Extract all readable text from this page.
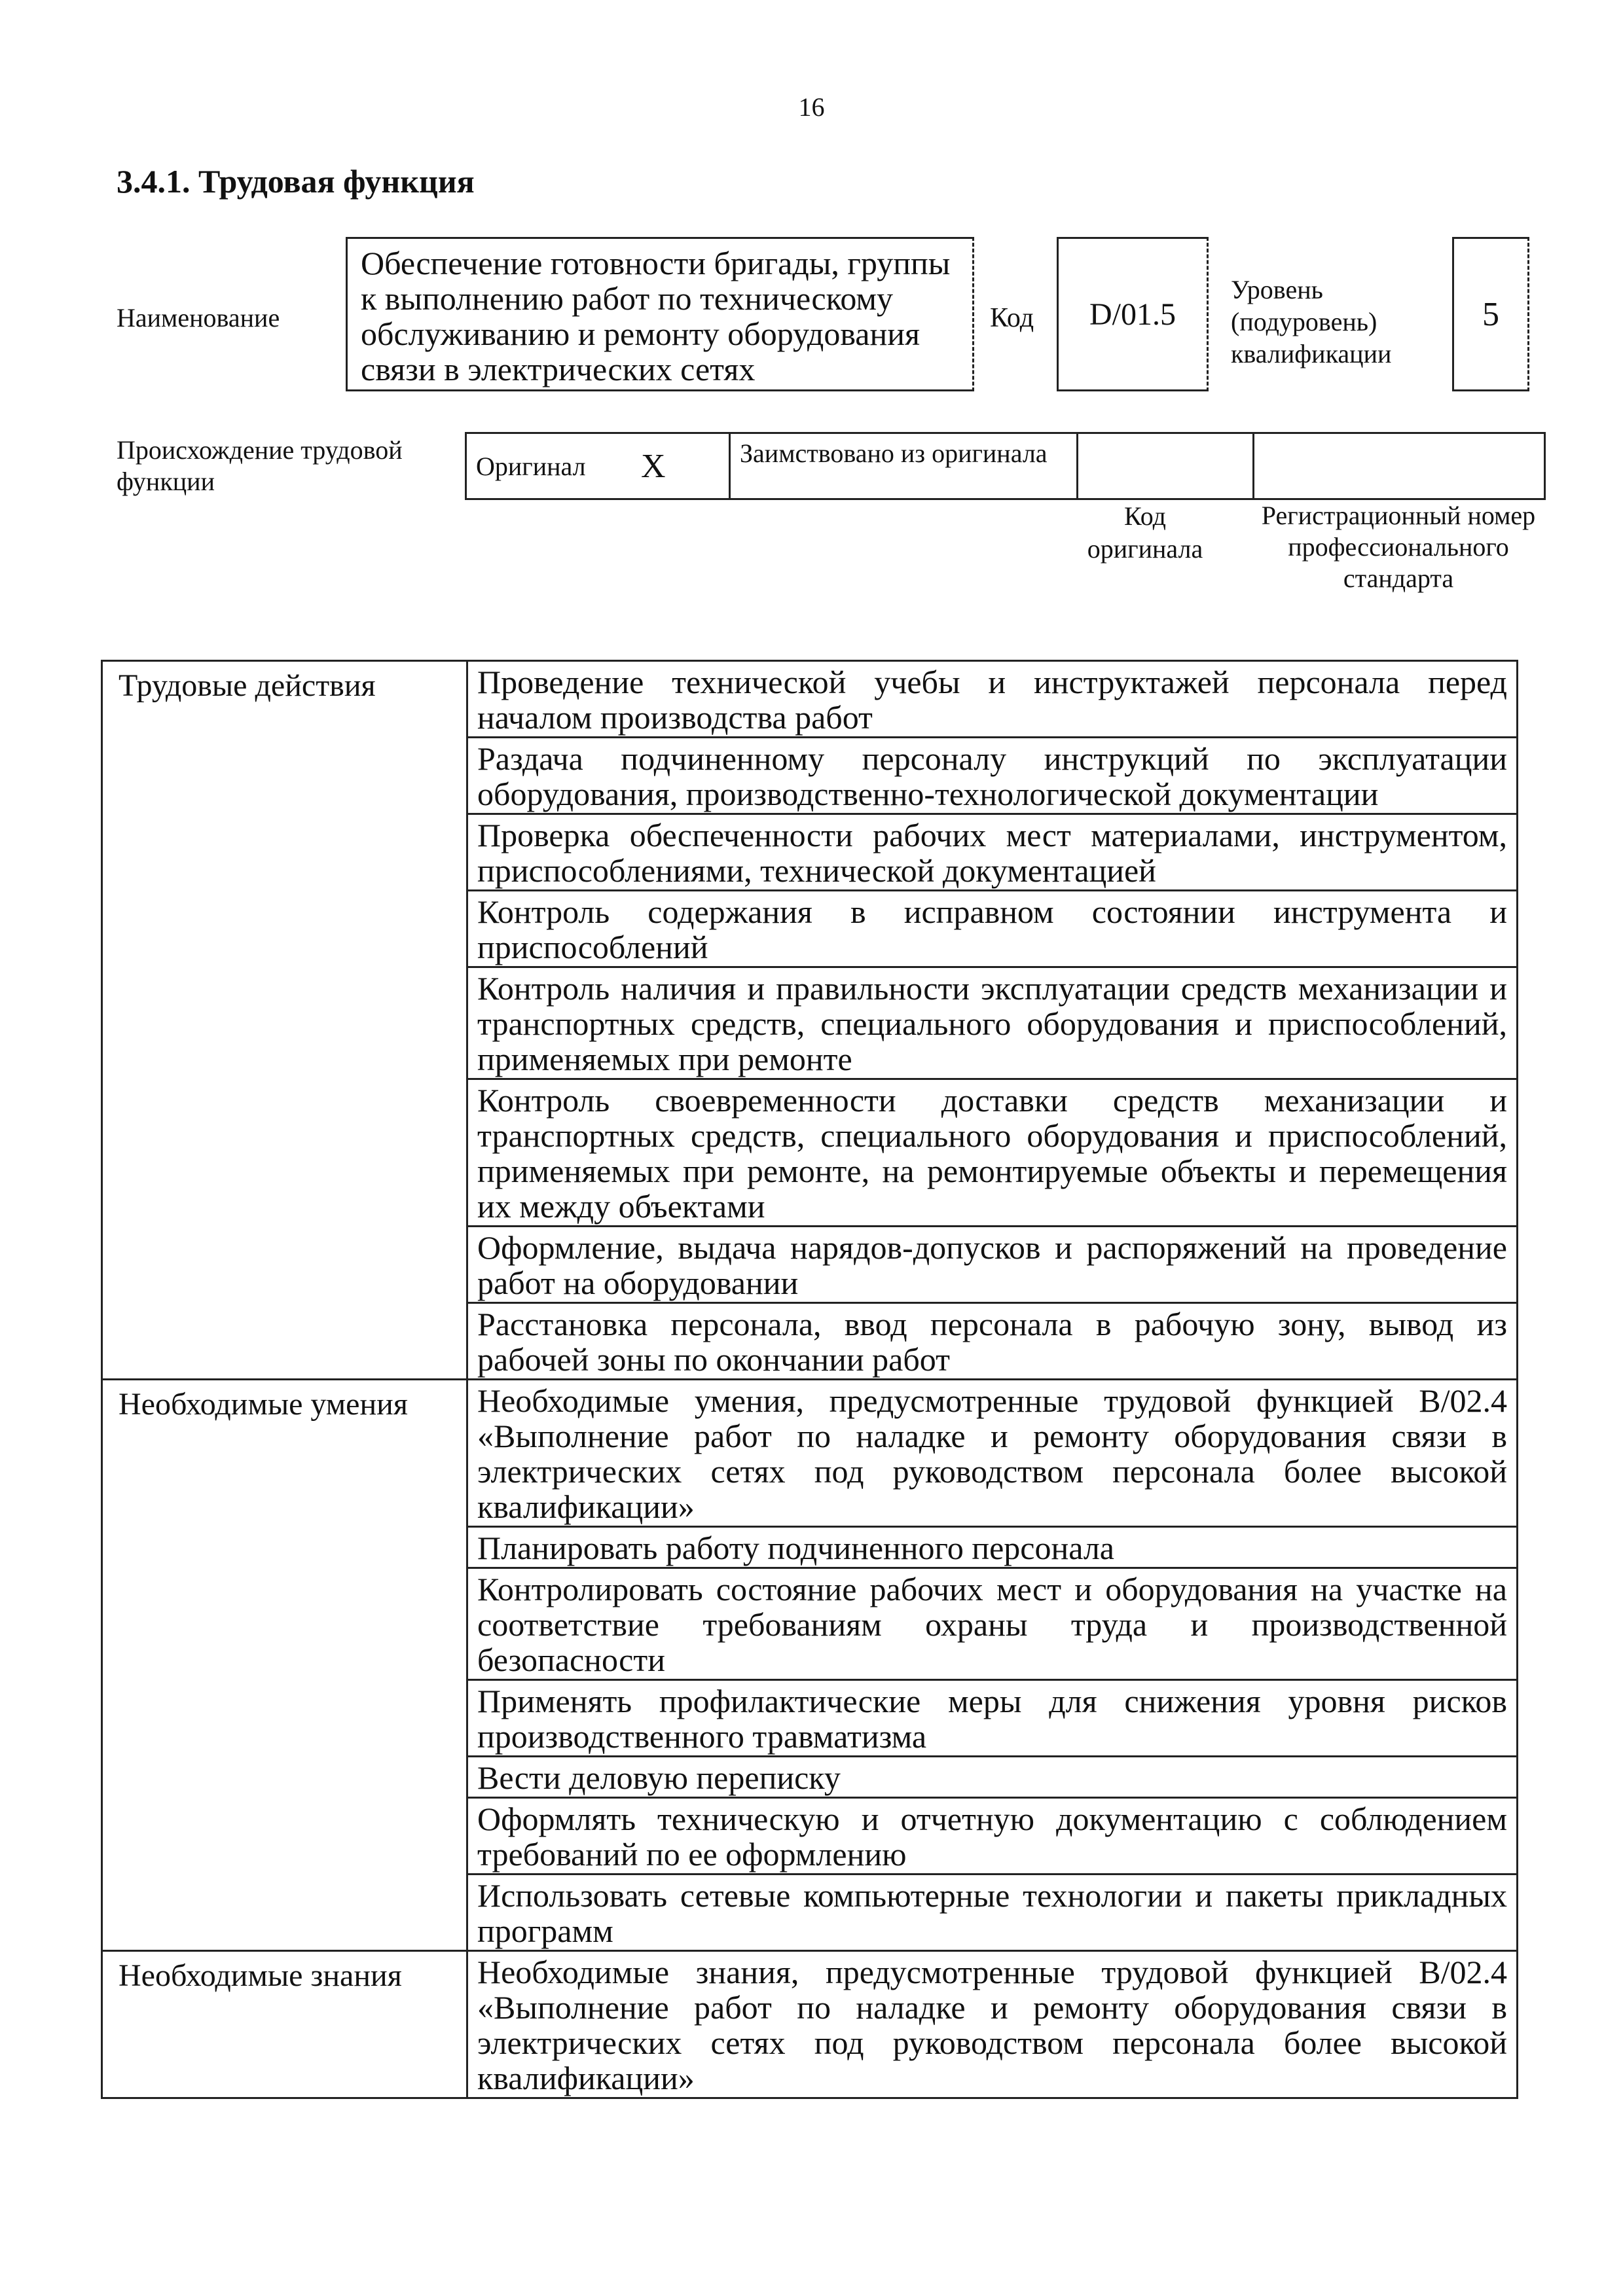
16
3.4.1. Трудовая функция
Наименование
Обеспечение готовности бригады, группы к выполнению работ по техническому обслуживанию и ремонту оборудования связи в электрических сетях
Код	D/01.5
Уровень (подуровень) квалификации
5
Происхождение трудовой функции
Оригинал	X	Заимствовано из оригинала		
Код оригинала
Регистрационный номер профессионального стандарта
Трудовые действия	Проведение технической учебы и инструктажей персонала перед началом производства работ
	Раздача подчиненному персоналу инструкций по эксплуатации оборудования, производственно-технологической документации
	Проверка обеспеченности рабочих мест материалами, инструментом, приспособлениями, технической документацией
	Контроль содержания в исправном состоянии инструмента и приспособлений
	Контроль наличия и правильности эксплуатации средств механизации и транспортных средств, специального оборудования и приспособлений, применяемых при ремонте
	Контроль своевременности доставки средств механизации и транспортных средств, специального оборудования и приспособлений, применяемых при ремонте, на ремонтируемые объекты и перемещения их между объектами
	Оформление, выдача нарядов-допусков и распоряжений на проведение работ на оборудовании
	Расстановка персонала, ввод персонала в рабочую зону, вывод из рабочей зоны по окончании работ
Необходимые умения	Необходимые умения, предусмотренные трудовой функцией В/02.4 «Выполнение работ по наладке и ремонту оборудования связи в электрических сетях под руководством персонала более высокой квалификации»
	Планировать работу подчиненного персонала
	Контролировать состояние рабочих мест и оборудования на участке на соответствие требованиям охраны труда и производственной безопасности
	Применять профилактические меры для снижения уровня рисков производственного травматизма
	Вести деловую переписку
	Оформлять техническую и отчетную документацию с соблюдением требований по ее оформлению
	Использовать сетевые компьютерные технологии и пакеты прикладных программ
Необходимые знания	Необходимые знания, предусмотренные трудовой функцией В/02.4 «Выполнение работ по наладке и ремонту оборудования связи в электрических сетях под руководством персонала более высокой квалификации»
